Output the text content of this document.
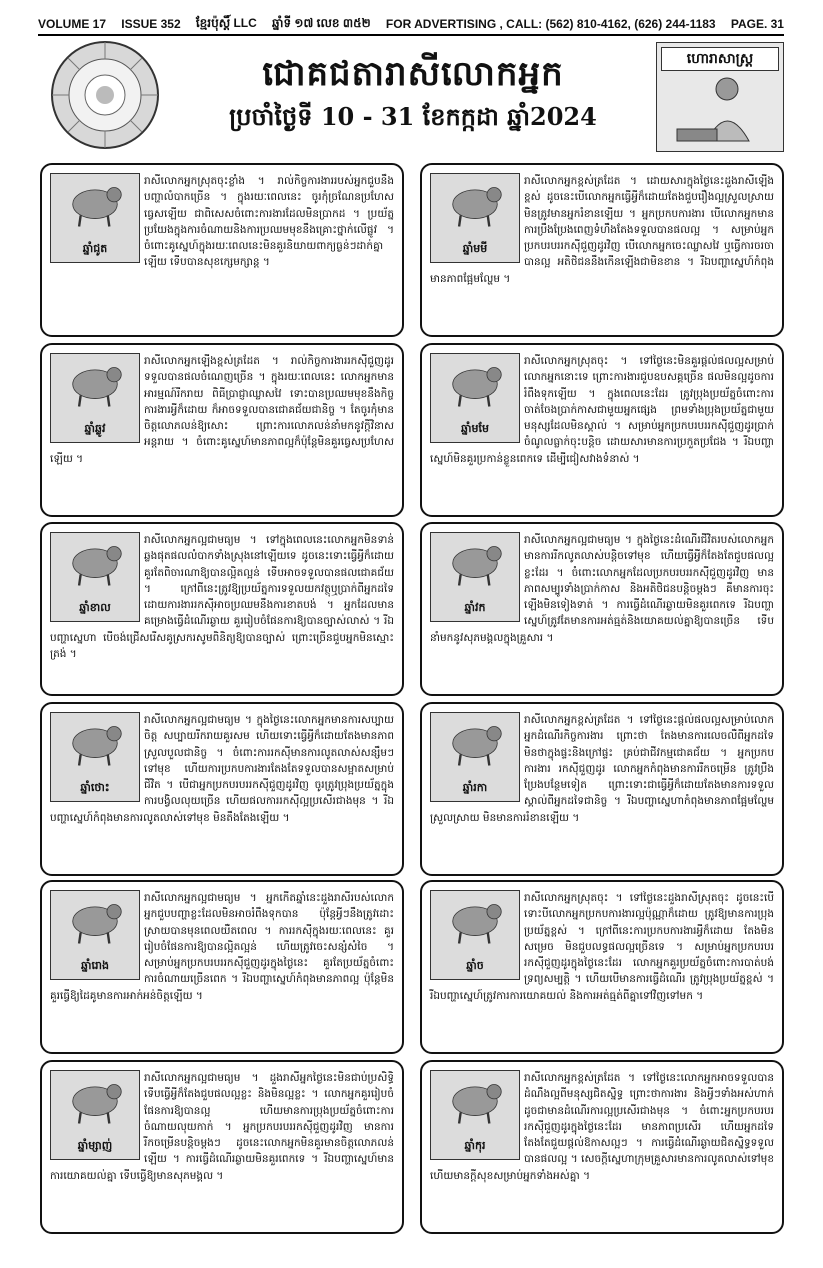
VOLUME 17 ISSUE 352 ខ្មែរប៉ុស្ដិ៍ LLC ឆ្នាំទី ១៧ លេខ ៣៥២ FOR ADVERTISING , CALL: (562) 810-4162, (626) 244-1183 PAGE. 31
ជោគជតារាសីលោកអ្នក
ប្រចាំថ្ងៃទី 10 - 31 ខែកក្កដា ឆ្នាំ2024
ហោរាសាស្ត្រ
ឆ្នាំជូត
រាសីលោកអ្នកស្រុតចុះខ្លាំង ។ រាល់កិច្ចការងាររបស់អ្នកជួបនឹងបញ្ហាលំបាកច្រើន ។ ក្នុងរយៈពេលនេះ ចូរកុំច្រណែនប្រហែសធ្វេសឡើយ ជាពិសេសចំពោះការងារដែលមិនប្រាកដ ។ ប្រយ័ត្នប្រយែងក្នុងការចំណាយនិងការប្រឈមមុខនឹងគ្រោះថ្នាក់លើផ្លូវ ។ ចំពោះគូស្នេហ៍ក្នុងរយៈពេលនេះមិនគួរនិយាយពាក្យធ្ងន់ៗដាក់គ្នាឡើយ ទើបបានសុខក្សេមក្សាន្ត ។
ឆ្នាំមមី
រាសីលោកអ្នកខ្ពស់ត្រដែត ។ ដោយសារក្នុងថ្ងៃនេះដួងរាសីឡើងខ្ពស់ ដូចនេះបើលោកអ្នកធ្វើអ្វីក៏ដោយតែងជួបរឿងល្អស្រួលស្រាយ មិនត្រូវមានអ្នករំខានឡើយ ។ អ្នកប្រកបការងារ បើលោកអ្នកមានការប្រឹងប្រែងពេញទំហឹងតែងទទួលបានផលល្អ ។ សម្រាប់អ្នកប្រកបរបររកស៊ីជួញដូរវិញ បើលោកអ្នកចេះឈ្លាសវៃ ឬធ្វើការចរចាបានល្អ អតិថិជននឹងកើនឡើងជាមិនខាន ។ រីឯបញ្ហាស្នេហ៍កំពុងមានភាពផ្អែមល្ហែម ។
ឆ្នាំឆ្លូវ
រាសីលោកអ្នកឡើងខ្ពស់ត្រដែត ។ រាល់កិច្ចការងាររកស៊ីជួញដូរទទួលបានផលចំណេញច្រើន ។ ក្នុងរយៈពេលនេះ លោកអ្នកមានអារម្មណ៍រីករាយ ពិធីប្រាជ្ញាឈ្លាសវៃ ទោះបានប្រឈមមុខនឹងកិច្ចការងារអ្វីក៏ដោយ ក៏អាចទទួលបានជោគជ័យជានិច្ច ។ តែចូរកុំមានចិត្តលោភលន់ឱ្យសោះ ព្រោះការលោភលន់នាំមកនូវក្ដីវិនាសអន្តរាយ ។ ចំពោះគូស្នេហ៍មានភាពល្អក៏ប៉ុន្តែមិនគួរធ្វេសប្រហែសឡើយ ។
ឆ្នាំមមែ
រាសីលោកអ្នកស្រុតចុះ ។ ទៅថ្ងៃនេះមិនគួរផ្ដល់ផលល្អសម្រាប់លោកអ្នកនោះទេ ព្រោះការងារជួបឧបសគ្គច្រើន ផលមិនល្អដូចការរំពឹងទុកឡើយ ។ ក្នុងពេលនេះដែរ ត្រូវប្រុងប្រយ័ត្នចំពោះការចាត់ចែងប្រាក់កាសជាមួយអ្នកផ្សេង ព្រមទាំងប្រុងប្រយ័ត្នជាមួយមនុស្សដែលមិនស្គាល់ ។ សម្រាប់អ្នកប្រកបរបររកស៊ីជួញដូរប្រាក់ចំណូលធ្លាក់ចុះបន្តិច ដោយសារមានការប្រកួតប្រជែង ។ រីឯបញ្ហាស្នេហ៍មិនគួរប្រកាន់ខ្លួនពេកទេ ដើម្បីជៀសវាងទំនាស់ ។
ឆ្នាំខាល
រាសីលោកអ្នកល្អជាមធ្យម ។ ទៅក្នុងពេលនេះលោកអ្នកមិនទាន់ឆ្លងផុតផលលំបាកទាំងស្រុងនៅឡើយទេ ដូចនេះទោះធ្វើអ្វីក៏ដោយ គួរតែពិចារណាឱ្យបានល្អិតល្អន់ ទើបអាចទទួលបានផលជោគជ័យ ។ ក្រៅពីនេះត្រូវឱ្យប្រយ័ត្នការទទួលយកវត្ថុឬប្រាក់ពីអ្នកដទៃ ដោយការងាររកស៊ីអាចប្រឈមនឹងការខាតបង់ ។ អ្នកដែលមានគម្រោងធ្វើដំណើរឆ្ងាយ គួររៀបចំផែនការឱ្យបានច្បាស់លាស់ ។ រីឯបញ្ហាស្នេហា បើចង់ជ្រើសរើសគូស្រករសូមពិនិត្យឱ្យបានច្បាស់ ព្រោះច្រើនជួបអ្នកមិនស្មោះត្រង់ ។
ឆ្នាំវក
រាសីលោកអ្នកល្អជាមធ្យម ។ ក្នុងថ្ងៃនេះដំណើរជីវិតរបស់លោកអ្នកមានការរីកលូតលាស់បន្តិចទៅមុខ ហើយធ្វើអ្វីក៏តែងតែជួបផលល្អខ្លះដែរ ។ ចំពោះលោកអ្នកដែលប្រកបរបររកស៊ីជួញដូរវិញ មានភាពសម្បូរទាំងប្រាក់កាស និងអតិថិជនបន្តិចម្តងៗ គឺមានការចុះឡើងមិនទៀងទាត់ ។ ការធ្វើដំណើរឆ្ងាយមិនគួរពេកទេ រីឯបញ្ហាស្នេហ៍ត្រូវតែមានការអត់ធ្មត់និងយោគយល់គ្នាឱ្យបានច្រើន ទើបនាំមកនូវសុភមង្គលក្នុងគ្រួសារ ។
ឆ្នាំថោះ
រាសីលោកអ្នកល្អជាមធ្យម ។ ក្នុងថ្ងៃនេះលោកអ្នកមានការសប្បាយចិត្ត សប្បាយរីករាយគួរសម ហើយទោះធ្វើអ្វីក៏ដោយតែងមានភាពស្រួលបួលជានិច្ច ។ ចំពោះការរកស៊ីមានការលូតលាស់សន្សឹមៗទៅមុខ ហើយការប្រកបការងារតែងតែទទួលបានសម្អាតសម្រាប់ជីវិត ។ បើជាអ្នកប្រកបរបររកស៊ីជួញដូរវិញ ចូរត្រូវប្រុងប្រយ័ត្នក្នុងការបង្វិលលុយច្រើន ហើយផលការរកស៊ីល្អប្រសើរជាងមុន ។ រីឯបញ្ហាស្នេហ៍កំពុងមានការលូតលាស់ទៅមុខ មិនតឹងតែងឡើយ ។
ឆ្នាំរកា
រាសីលោកអ្នកខ្ពស់ត្រដែត ។ ទៅថ្ងៃនេះផ្ដល់ផលល្អសម្រាប់លោកអ្នកដំណើរកិច្ចការងារ ព្រោះថា តែងមានការលេចលឺពីអ្នកដទៃ មិនថាក្នុងផ្ទះនិងក្រៅផ្ទះ គ្រប់ជាជីវកម្មជោគជ័យ ។ អ្នកប្រកបការងារ រកស៊ីជួញដូរ លោកអ្នកកំពុងមានការរីកចម្រើន ត្រូវប្រឹងប្រែងបន្ថែមទៀត ព្រោះទោះជាធ្វើអ្វីក៏ដោយតែងមានការទទួលស្គាល់ពីអ្នកដទៃជានិច្ច ។ រីឯបញ្ហាស្នេហាកំពុងមានភាពផ្អែមល្ហែមស្រួលស្រាយ មិនមានការរំខានឡើយ ។
ឆ្នាំរោង
រាសីលោកអ្នកល្អជាមធ្យម ។ អ្នកកើតឆ្នាំនេះដួងរាសីរបស់លោកអ្នកជួបបញ្ហាខ្លះដែលមិនអាចរំពឹងទុកបាន ប៉ុន្តែអ្វីៗនឹងត្រូវដោះស្រាយបានមុនពេលយឺតពេល ។ ការរកស៊ីក្នុងរយៈពេលនេះ គួររៀបចំផែនការឱ្យបានល្អិតល្អន់ ហើយត្រូវចេះសន្សំសំចៃ ។ សម្រាប់អ្នកប្រកបរបររកស៊ីជួញដូរក្នុងថ្ងៃនេះ គួរតែប្រយ័ត្នចំពោះការចំណាយច្រើនពេក ។ រីឯបញ្ហាស្នេហ៍កំពុងមានភាពល្អ ប៉ុន្តែមិនគួរធ្វើឱ្យដៃគូមានការអាក់អន់ចិត្តឡើយ ។
ឆ្នាំច
រាសីលោកអ្នកស្រុតចុះ ។ ទៅថ្ងៃនេះដួងរាសីស្រុតចុះ ដូចនេះបើទោះបីលោកអ្នកប្រកបការងារល្អប៉ុណ្ណាក៏ដោយ ត្រូវឱ្យមានការប្រុងប្រយ័ត្នខ្ពស់ ។ ក្រៅពីនេះការប្រកបការងារអ្វីក៏ដោយ តែងមិនសម្រេច មិនជួបលទ្ធផលល្អច្រើនទេ ។ សម្រាប់អ្នកប្រកបរបររកស៊ីជួញដូរក្នុងថ្ងៃនេះដែរ លោកអ្នកគួរប្រយ័ត្នចំពោះការបាត់បង់ទ្រព្យសម្បត្តិ ។ ហើយបើមានការធ្វើដំណើរ ត្រូវប្រុងប្រយ័ត្នខ្ពស់ ។ រីឯបញ្ហាស្នេហ៍ត្រូវការការយោគយល់ និងការអត់ធ្មត់ពីគ្នាទៅវិញទៅមក ។
ឆ្នាំម្សាញ់
រាសីលោកអ្នកល្អជាមធ្យម ។ ដួងរាសីអ្នកថ្ងៃនេះមិនជាប់ប្រសិទ្ធិ ទើបធ្វើអ្វីក៏តែងជួបផលល្អខ្លះ និងមិនល្អខ្លះ ។ លោកអ្នកគួររៀបចំផែនការឱ្យបានល្អ ហើយមានការប្រុងប្រយ័ត្នចំពោះការចំណាយលុយកាក់ ។ អ្នកប្រកបរបររកស៊ីជួញដូរវិញ មានការរីកចម្រើនបន្តិចម្តងៗ ដូចនេះលោកអ្នកមិនគួរមានចិត្តលោភលន់ឡើយ ។ ការធ្វើដំណើរឆ្ងាយមិនគួរពេកទេ ។ រីឯបញ្ហាស្នេហ៍មានការយោគយល់គ្នា ទើបធ្វើឱ្យមានសុភមង្គល ។
ឆ្នាំកុរ
រាសីលោកអ្នកខ្ពស់ត្រដែត ។ ទៅថ្ងៃនេះលោកអ្នកអាចទទួលបានដំណឹងល្អពីមនុស្សជិតស្និទ្ធ ព្រោះថាការងារ និងអ្វីៗទាំងអស់ហាក់ដូចជាមានដំណើរការល្អប្រសើរជាងមុន ។ ចំពោះអ្នកប្រកបរបររកស៊ីជួញដូរក្នុងថ្ងៃនេះដែរ មានភាពប្រសើរ ហើយអ្នកដទៃតែងតែជួយផ្ដល់ឱកាសល្អៗ ។ ការធ្វើដំណើរឆ្ងាយជិតស្និទ្ធទទួលបានផលល្អ ។ សេចក្ដីស្នេហាក្រុមគ្រួសារមានការលូតលាស់ទៅមុខ ហើយមានក្ដីសុខសម្រាប់អ្នកទាំងអស់គ្នា ។
